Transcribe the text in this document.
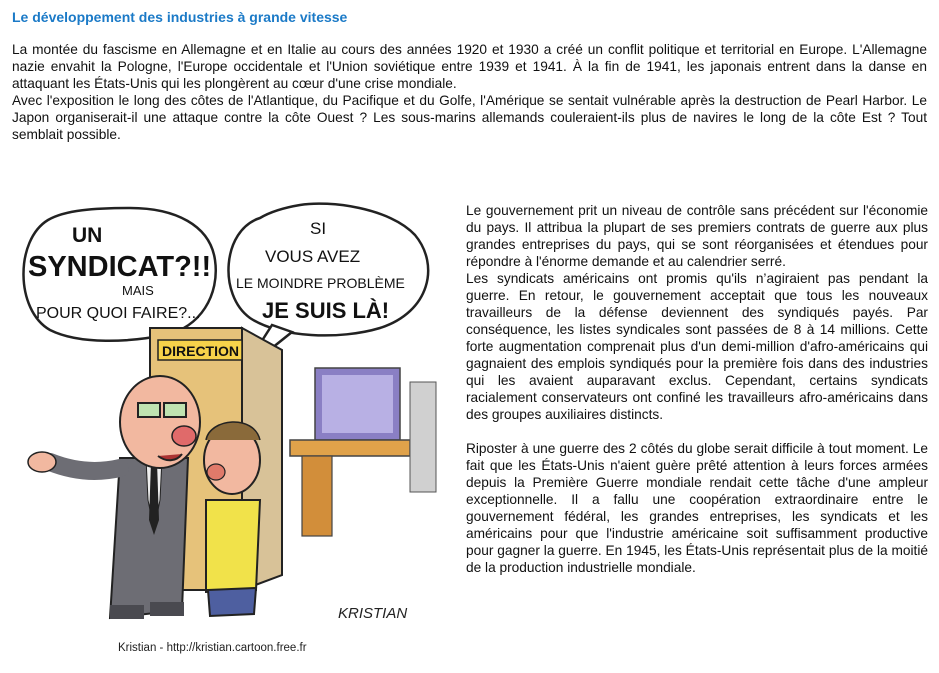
Le développement des industries à grande vitesse

La montée du fascisme en Allemagne et en Italie au cours des années 1920 et 1930 a créé un conflit politique et territorial en Europe. L'Allemagne nazie envahit la Pologne, l'Europe occidentale et l'Union soviétique entre 1939 et 1941. À la fin de 1941, les japonais entrent dans la danse en attaquant les États-Unis qui les plongèrent au cœur d'une crise mondiale.

Avec l'exposition le long des côtes de l'Atlantique, du Pacifique et du Golfe, l'Amérique se sentait vulnérable après la destruction de Pearl Harbor. Le Japon organiserait-il une attaque contre la côte Ouest ? Les sous-marins allemands couleraient-ils plus de navires le long de la côte Est ? Tout semblait possible.

UN
SYNDICAT?!!
MAIS
POUR QUOI FAIRE?...
SI
VOUS AVEZ
LE MOINDRE PROBLÈME
JE SUIS LÀ!
DIRECTION
KRISTIAN

Kristian - http://kristian.cartoon.free.fr

Le gouvernement prit un niveau de contrôle sans précédent sur l'économie du pays. Il attribua la plupart de ses premiers contrats de guerre aux plus grandes entreprises du pays, qui se sont réorganisées et étendues pour répondre à l'énorme demande et au calendrier serré.

Les syndicats américains ont promis qu'ils n’agiraient pas pendant la guerre. En retour, le gouvernement acceptait que tous les nouveaux travailleurs de la défense deviennent des syndiqués payés. Par conséquence, les listes syndicales sont passées de 8 à 14 millions. Cette forte augmentation comprenait plus d'un demi-million d'afro-américains qui gagnaient des emplois syndiqués pour la première fois dans des industries qui les avaient auparavant exclus. Cependant, certains syndicats racialement conservateurs ont confiné les travailleurs afro-américains dans des groupes auxiliaires distincts.

Riposter à une guerre des 2 côtés du globe serait difficile à tout moment. Le fait que les États-Unis n'aient guère prêté attention à leurs forces armées depuis la Première Guerre mondiale rendait cette tâche d'une ampleur exceptionnelle. Il a fallu une coopération extraordinaire entre le gouvernement fédéral, les grandes entreprises, les syndicats et les américains pour que l'industrie américaine soit suffisamment productive pour gagner la guerre. En 1945, les États-Unis représentait plus de la moitié de la production industrielle mondiale.
